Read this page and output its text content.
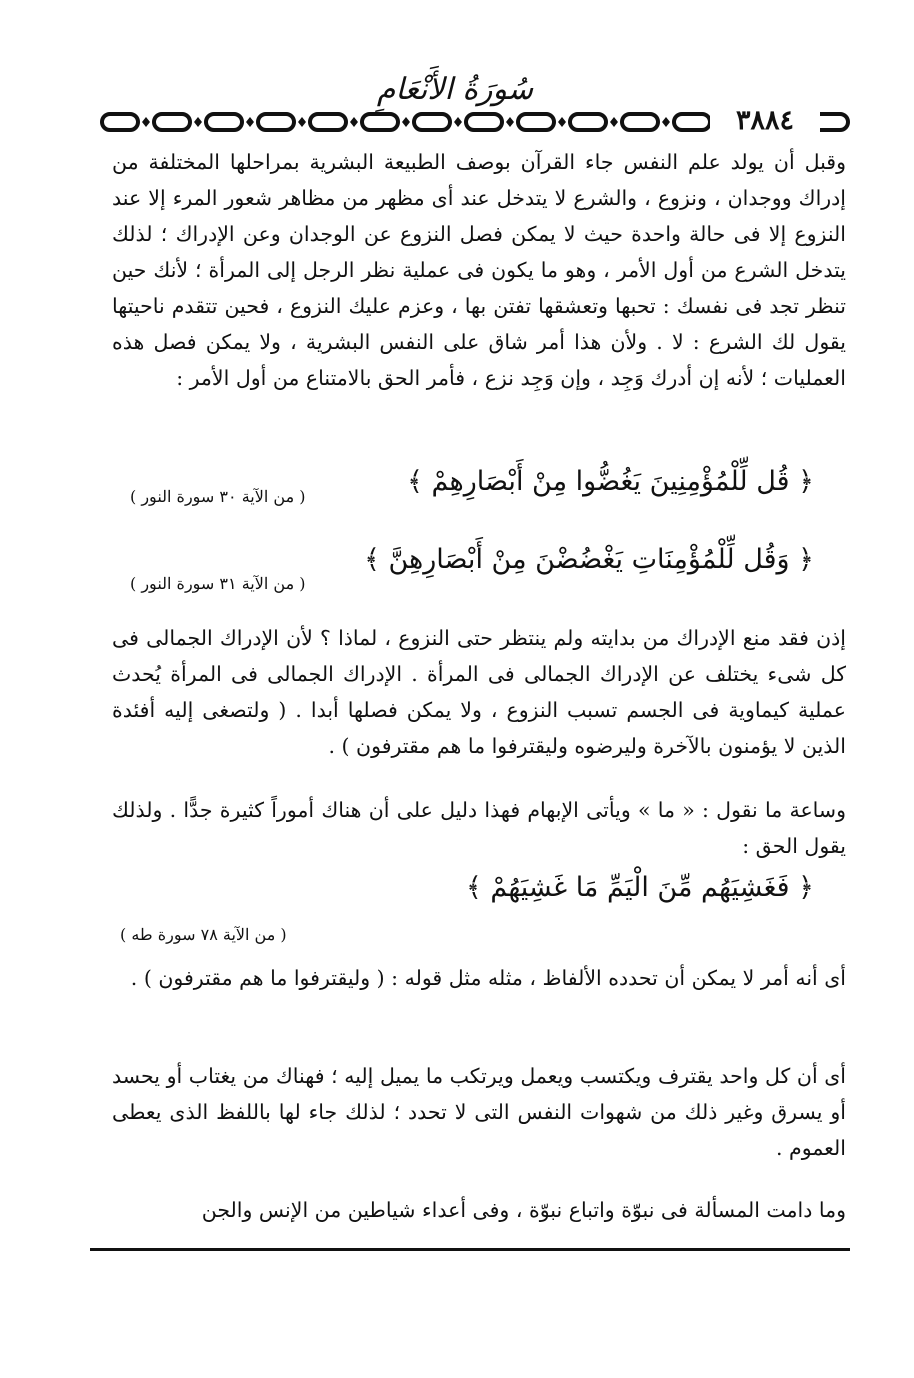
سُورَةُ الأَنْعَامِ
٣٨٨٤

وقبل أن يولد علم النفس جاء القرآن بوصف الطبيعة البشرية بمراحلها المختلفة من إدراك ووجدان ، ونزوع ، والشرع لا يتدخل عند أى مظهر من مظاهر شعور المرء إلا عند النزوع إلا فى حالة واحدة حيث لا يمكن فصل النزوع عن الوجدان وعن الإدراك ؛ لذلك يتدخل الشرع من أول الأمر ، وهو ما يكون فى عملية نظر الرجل إلى المرأة ؛ لأنك حين تنظر تجد فى نفسك : تحبها وتعشقها تفتن بها ، وعزم عليك النزوع ، فحين تتقدم ناحيتها يقول لك الشرع : لا . ولأن هذا أمر شاق على النفس البشرية ، ولا يمكن فصل هذه العمليات ؛ لأنه إن أدرك وَجِد ، وإن وَجِد نزع ، فأمر الحق بالامتناع من أول الأمر :

﴿ قُل لِّلْمُؤْمِنِينَ يَغُضُّوا مِنْ أَبْصَارِهِمْ ﴾
( من الآية ٣٠ سورة النور )
﴿ وَقُل لِّلْمُؤْمِنَاتِ يَغْضُضْنَ مِنْ أَبْصَارِهِنَّ ﴾
( من الآية ٣١ سورة النور )

إذن فقد منع الإدراك من بدايته ولم ينتظر حتى النزوع ، لماذا ؟ لأن الإدراك الجمالى فى كل شىء يختلف عن الإدراك الجمالى فى المرأة . الإدراك الجمالى فى المرأة يُحدث عملية كيماوية فى الجسم تسبب النزوع ، ولا يمكن فصلها أبدا . ( ولتصغى إليه أفئدة الذين لا يؤمنون بالآخرة وليرضوه وليقترفوا ما هم مقترفون ) .

وساعة ما نقول : « ما » ويأتى الإبهام فهذا دليل على أن هناك أموراً كثيرة جدًّا . ولذلك يقول الحق :

﴿ فَغَشِيَهُم مِّنَ الْيَمِّ مَا غَشِيَهُمْ ﴾
( من الآية ٧٨ سورة طه )

أى أنه أمر لا يمكن أن تحدده الألفاظ ، مثله مثل قوله : ( وليقترفوا ما هم مقترفون ) .

أى أن كل واحد يقترف ويكتسب ويعمل ويرتكب ما يميل إليه ؛ فهناك من يغتاب أو يحسد أو يسرق وغير ذلك من شهوات النفس التى لا تحدد ؛ لذلك جاء لها باللفظ الذى يعطى العموم .

وما دامت المسألة فى نبوّة واتباع نبوّة ، وفى أعداء شياطين من الإنس والجن
